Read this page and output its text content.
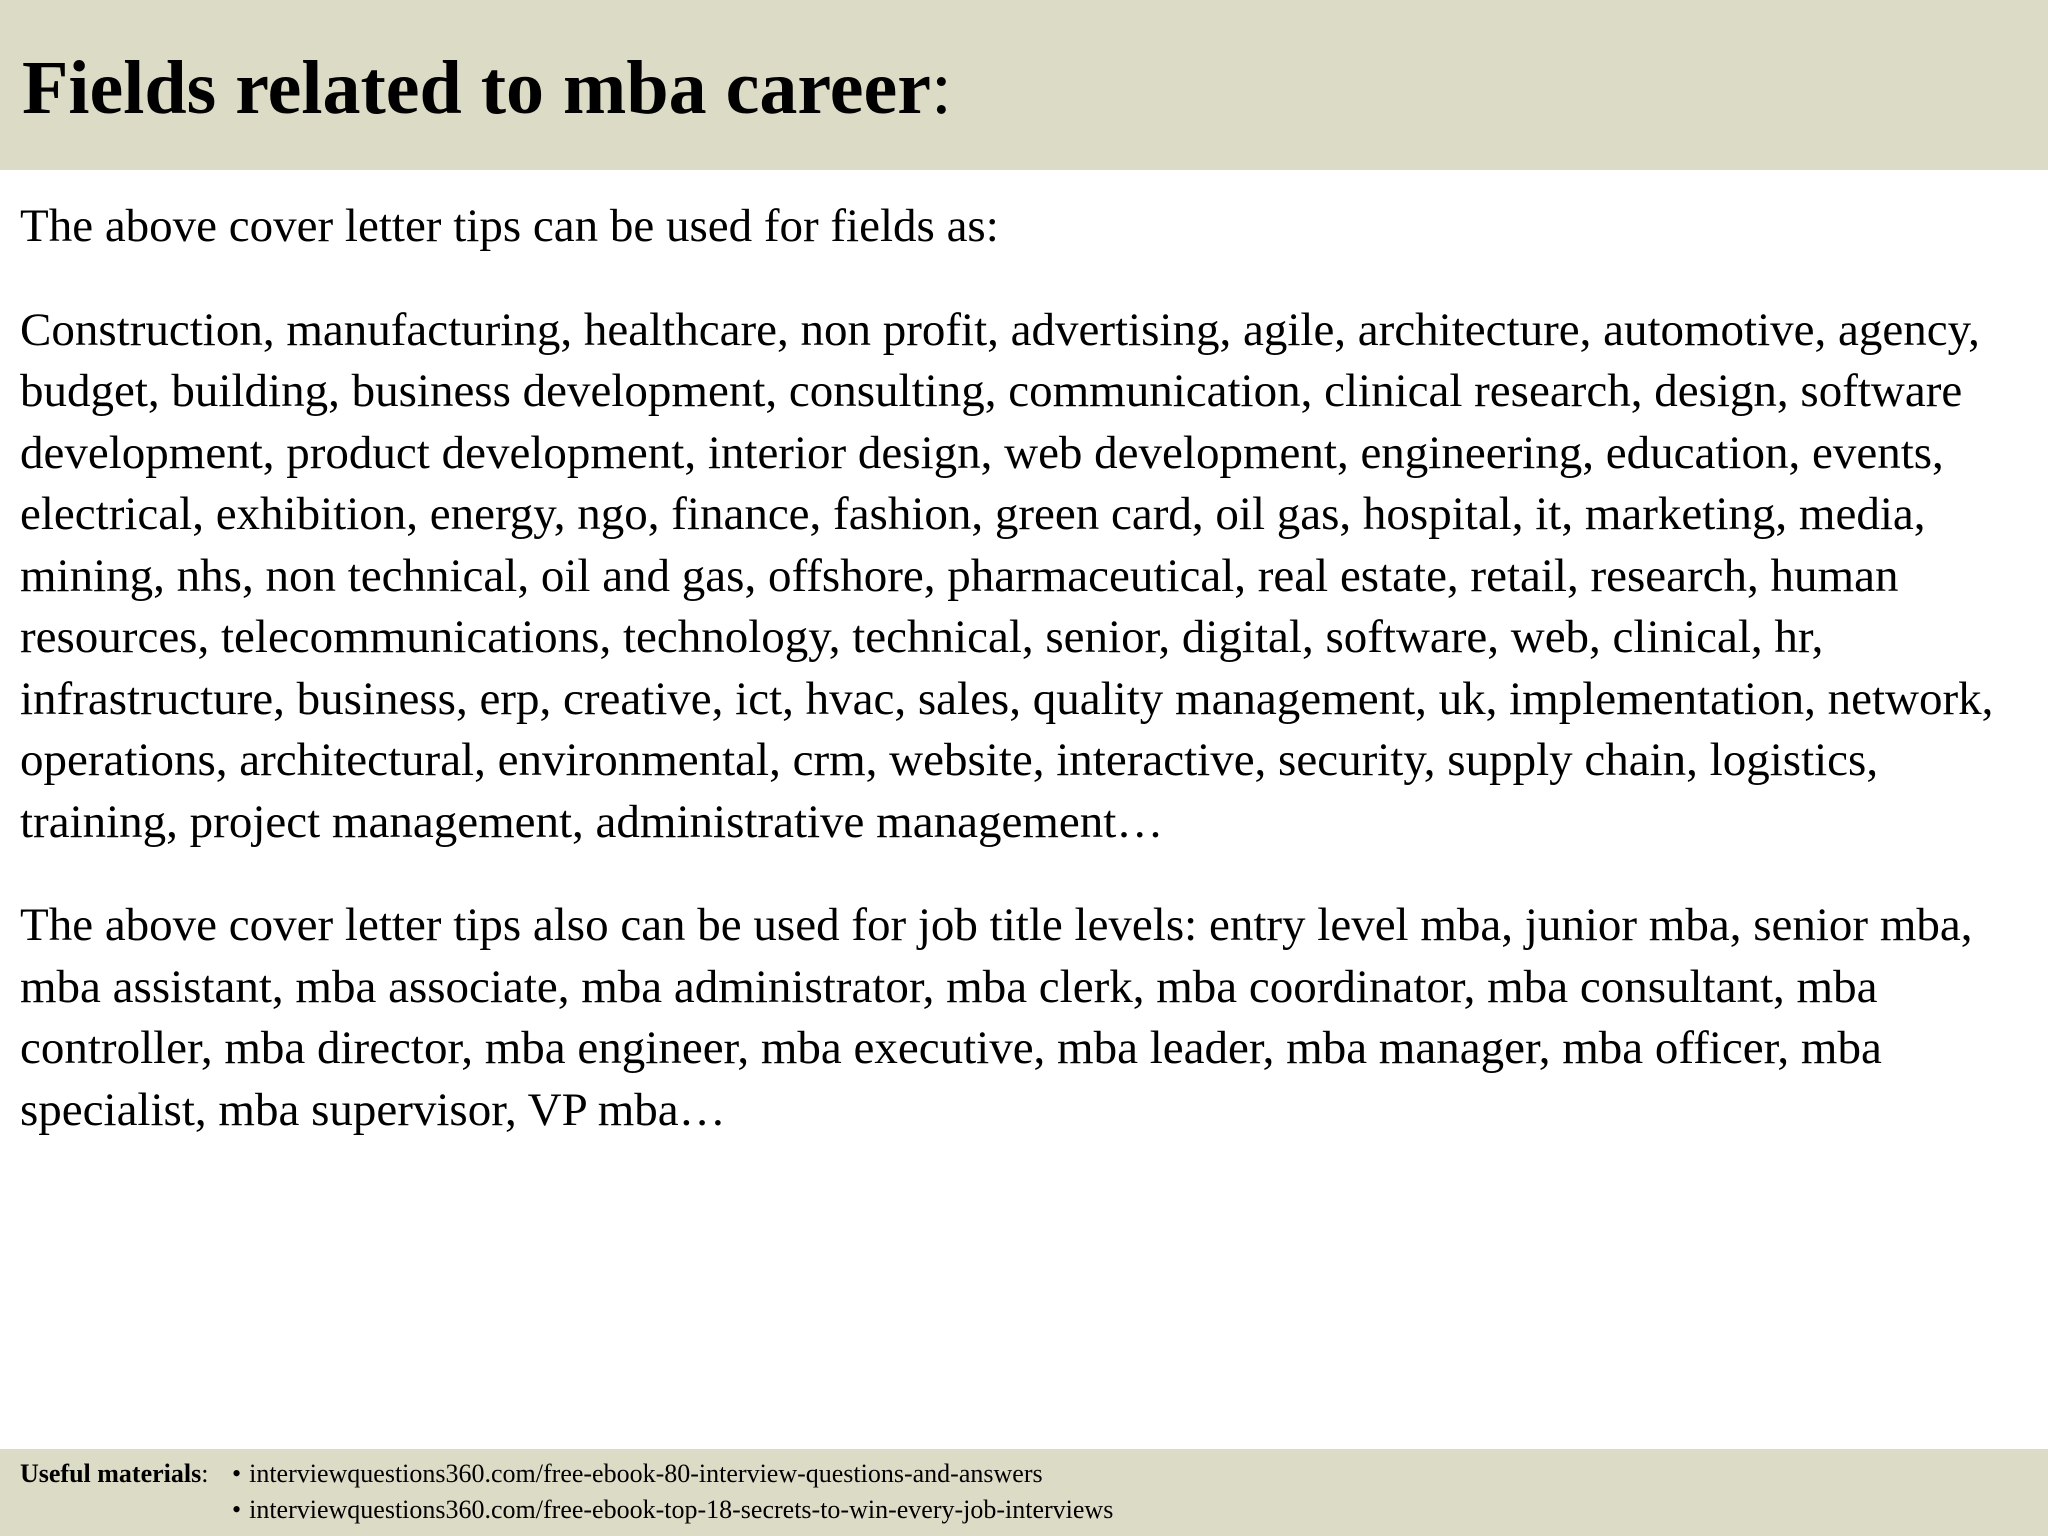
Fields related to mba career:

The above cover letter tips can be used for fields as:

Construction, manufacturing, healthcare, non profit, advertising, agile, architecture, automotive, agency, budget, building, business development, consulting, communication, clinical research, design, software development, product development, interior design, web development, engineering, education, events, electrical, exhibition, energy, ngo, finance, fashion, green card, oil gas, hospital, it, marketing, media, mining, nhs, non technical, oil and gas, offshore, pharmaceutical, real estate, retail, research, human resources, telecommunications, technology, technical, senior, digital, software, web, clinical, hr, infrastructure, business, erp, creative, ict, hvac, sales, quality management, uk, implementation, network, operations, architectural, environmental, crm, website, interactive, security, supply chain, logistics, training, project management, administrative management…

The above cover letter tips also can be used for job title levels: entry level mba, junior mba, senior mba, mba assistant, mba associate, mba administrator, mba clerk, mba coordinator, mba consultant, mba controller, mba director, mba engineer, mba executive, mba leader, mba manager, mba officer, mba specialist, mba supervisor, VP mba…

Useful materials: • interviewquestions360.com/free-ebook-80-interview-questions-and-answers
• interviewquestions360.com/free-ebook-top-18-secrets-to-win-every-job-interviews
